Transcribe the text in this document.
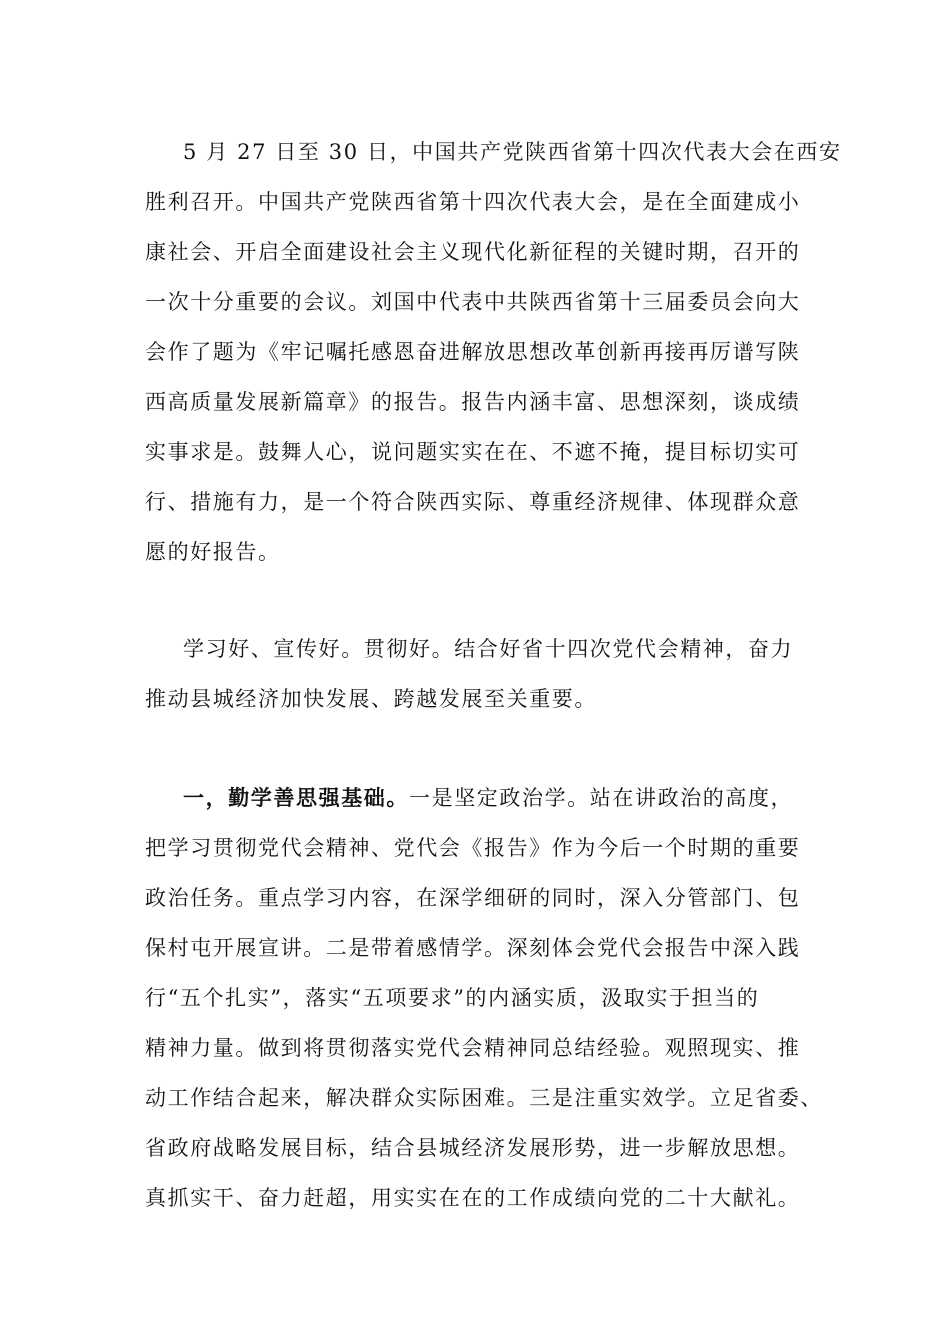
5 月 27 日至 30 日，中国共产党陕西省第十四次代表大会在西安
胜利召开。中国共产党陕西省第十四次代表大会，是在全面建成小
康社会、开启全面建设社会主义现代化新征程的关键时期，召开的
一次十分重要的会议。刘国中代表中共陕西省第十三届委员会向大
会作了题为《牢记嘱托感恩奋进解放思想改革创新再接再厉谱写陕
西高质量发展新篇章》的报告。报告内涵丰富、思想深刻，谈成绩
实事求是。鼓舞人心，说问题实实在在、不遮不掩，提目标切实可
行、措施有力，是一个符合陕西实际、尊重经济规律、体现群众意
愿的好报告。
学习好、宣传好。贯彻好。结合好省十四次党代会精神，奋力
推动县城经济加快发展、跨越发展至关重要。
一，勤学善思强基础。一是坚定政治学。站在讲政治的高度，
把学习贯彻党代会精神、党代会《报告》作为今后一个时期的重要
政治任务。重点学习内容，在深学细研的同时，深入分管部门、包
保村屯开展宣讲。二是带着感情学。深刻体会党代会报告中深入践
行“五个扎实”，落实“五项要求”的内涵实质，汲取实于担当的
精神力量。做到将贯彻落实党代会精神同总结经验。观照现实、推
动工作结合起来，解决群众实际困难。三是注重实效学。立足省委、
省政府战略发展目标，结合县城经济发展形势，进一步解放思想。
真抓实干、奋力赶超，用实实在在的工作成绩向党的二十大献礼。
